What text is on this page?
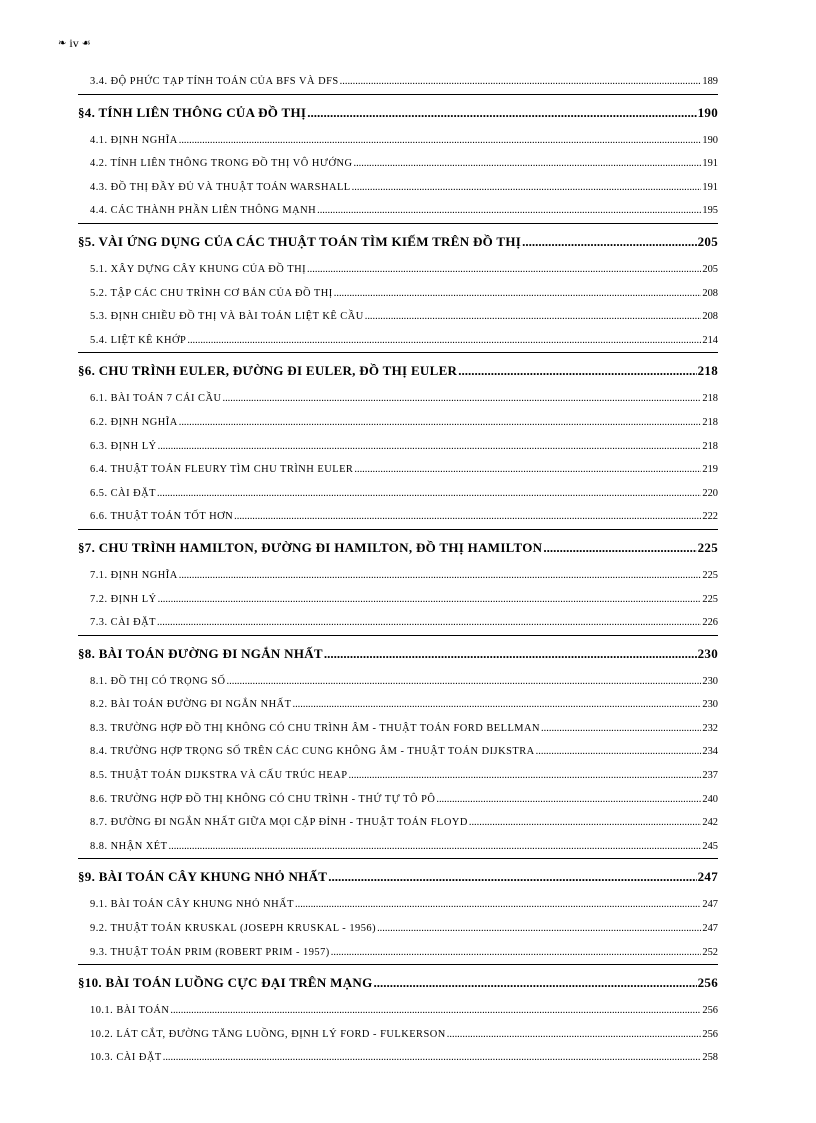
❧ iv ☙
3.4. ĐỘ PHỨC TẠP TÍNH TOÁN CỦA BFS VÀ DFS .....	189
§4. TÍNH LIÊN THÔNG CỦA ĐỒ THỊ .....	190
4.1. ĐỊNH NGHĨA .....	190
4.2. TÍNH LIÊN THÔNG TRONG ĐỒ THỊ VÔ HƯỚNG .....	191
4.3. ĐỒ THỊ ĐẦY ĐỦ VÀ THUẬT TOÁN WARSHALL .....	191
4.4. CÁC THÀNH PHẦN LIÊN THÔNG MẠNH .....	195
§5. VÀI ỨNG DỤNG CỦA CÁC THUẬT TOÁN TÌM KIẾM TRÊN ĐỒ THỊ .....	205
5.1. XÂY DỰNG CÂY KHUNG CỦA ĐỒ THỊ .....	205
5.2. TẬP CÁC CHU TRÌNH CƠ BẢN CỦA ĐỒ THỊ .....	208
5.3. ĐỊNH CHIỀU ĐỒ THỊ VÀ BÀI TOÁN LIỆT KÊ CẦU .....	208
5.4. LIỆT KÊ KHỚP .....	214
§6. CHU TRÌNH EULER, ĐƯỜNG ĐI EULER, ĐỒ THỊ EULER .....	218
6.1. BÀI TOÁN 7 CÁI CẦU .....	218
6.2. ĐỊNH NGHĨA .....	218
6.3. ĐỊNH LÝ .....	218
6.4. THUẬT TOÁN FLEURY TÌM CHU TRÌNH EULER .....	219
6.5. CÀI ĐẶT .....	220
6.6. THUẬT TOÁN TỐT HƠN .....	222
§7. CHU TRÌNH HAMILTON, ĐƯỜNG ĐI HAMILTON, ĐỒ THỊ HAMILTON .....	225
7.1. ĐỊNH NGHĨA .....	225
7.2. ĐỊNH LÝ .....	225
7.3. CÀI ĐẶT .....	226
§8. BÀI TOÁN ĐƯỜNG ĐI NGẮN NHẤT .....	230
8.1. ĐỒ THỊ CÓ TRỌNG SỐ .....	230
8.2. BÀI TOÁN ĐƯỜNG ĐI NGẮN NHẤT .....	230
8.3. TRƯỜNG HỢP ĐỒ THỊ KHÔNG CÓ CHU TRÌNH ÂM - THUẬT TOÁN FORD BELLMAN .....	232
8.4. TRƯỜNG HỢP TRỌNG SỐ TRÊN CÁC CUNG KHÔNG ÂM - THUẬT TOÁN DIJKSTRA .....	234
8.5. THUẬT TOÁN DIJKSTRA VÀ CẤU TRÚC HEAP .....	237
8.6. TRƯỜNG HỢP ĐỒ THỊ KHÔNG CÓ CHU TRÌNH - THỨ TỰ TÔ PÔ .....	240
8.7. ĐƯỜNG ĐI NGẮN NHẤT GIỮA MỌI CẶP ĐỈNH - THUẬT TOÁN FLOYD .....	242
8.8. NHẬN XÉT .....	245
§9. BÀI TOÁN CÂY KHUNG NHỎ NHẤT .....	247
9.1. BÀI TOÁN CÂY KHUNG NHỎ NHẤT .....	247
9.2. THUẬT TOÁN KRUSKAL (JOSEPH KRUSKAL - 1956) .....	247
9.3. THUẬT TOÁN PRIM (ROBERT PRIM - 1957) .....	252
§10. BÀI TOÁN LUỒNG CỰC ĐẠI TRÊN MẠNG .....	256
10.1. BÀI TOÁN .....	256
10.2. LÁT CẮT, ĐƯỜNG TĂNG LUỒNG, ĐỊNH LÝ FORD - FULKERSON .....	256
10.3. CÀI ĐẶT .....	258
